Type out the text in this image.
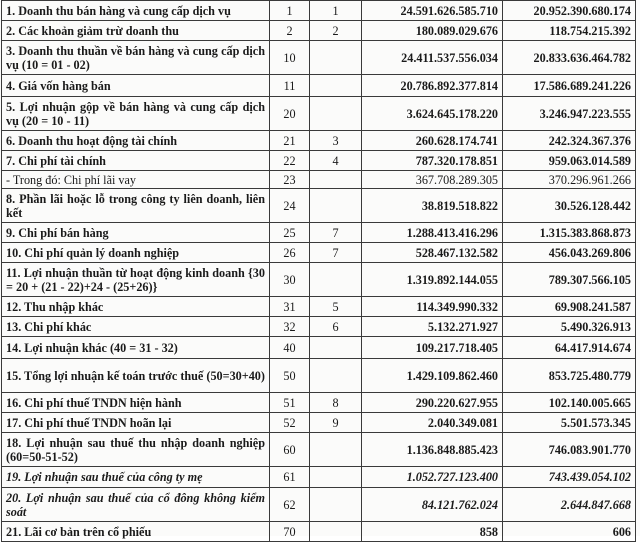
1. Doanh thu bán hàng và cung cấp dịch vụ	1	1	24.591.626.585.710	20.952.390.680.174
2. Các khoản giảm trừ doanh thu	2	2	180.089.029.676	118.754.215.392
3. Doanh thu thuần về bán hàng và cung cấp dịch vụ (10 = 01 - 02)	10		24.411.537.556.034	20.833.636.464.782
4. Giá vốn hàng bán	11		20.786.892.377.814	17.586.689.241.226
5. Lợi nhuận gộp về bán hàng và cung cấp dịch vụ (20 = 10 - 11)	20		3.624.645.178.220	3.246.947.223.555
6. Doanh thu hoạt động tài chính	21	3	260.628.174.741	242.324.367.376
7. Chi phí tài chính	22	4	787.320.178.851	959.063.014.589
- Trong đó: Chi phí lãi vay	23		367.708.289.305	370.296.961.266
8. Phần lãi hoặc lỗ trong công ty liên doanh, liên kết	24		38.819.518.822	30.526.128.442
9. Chi phí bán hàng	25	7	1.288.413.416.296	1.315.383.868.873
10. Chi phí quản lý doanh nghiệp	26	7	528.467.132.582	456.043.269.806
11. Lợi nhuận thuần từ hoạt động kinh doanh {30 = 20 + (21 - 22)+24 - (25+26)}	30		1.319.892.144.055	789.307.566.105
12. Thu nhập khác	31	5	114.349.990.332	69.908.241.587
13. Chi phí khác	32	6	5.132.271.927	5.490.326.913
14. Lợi nhuận khác (40 = 31 - 32)	40		109.217.718.405	64.417.914.674
15. Tổng lợi nhuận kế toán trước thuế (50=30+40)	50		1.429.109.862.460	853.725.480.779
16. Chi phí thuế TNDN hiện hành	51	8	290.220.627.955	102.140.005.665
17. Chi phí thuế TNDN hoãn lại	52	9	2.040.349.081	5.501.573.345
18. Lợi nhuận sau thuế thu nhập doanh nghiệp (60=50-51-52)	60		1.136.848.885.423	746.083.901.770
19. Lợi nhuận sau thuế của công ty mẹ	61		1.052.727.123.400	743.439.054.102
20. Lợi nhuận sau thuế của cổ đông không kiểm soát	62		84.121.762.024	2.644.847.668
21. Lãi cơ bản trên cổ phiếu	70		858	606
